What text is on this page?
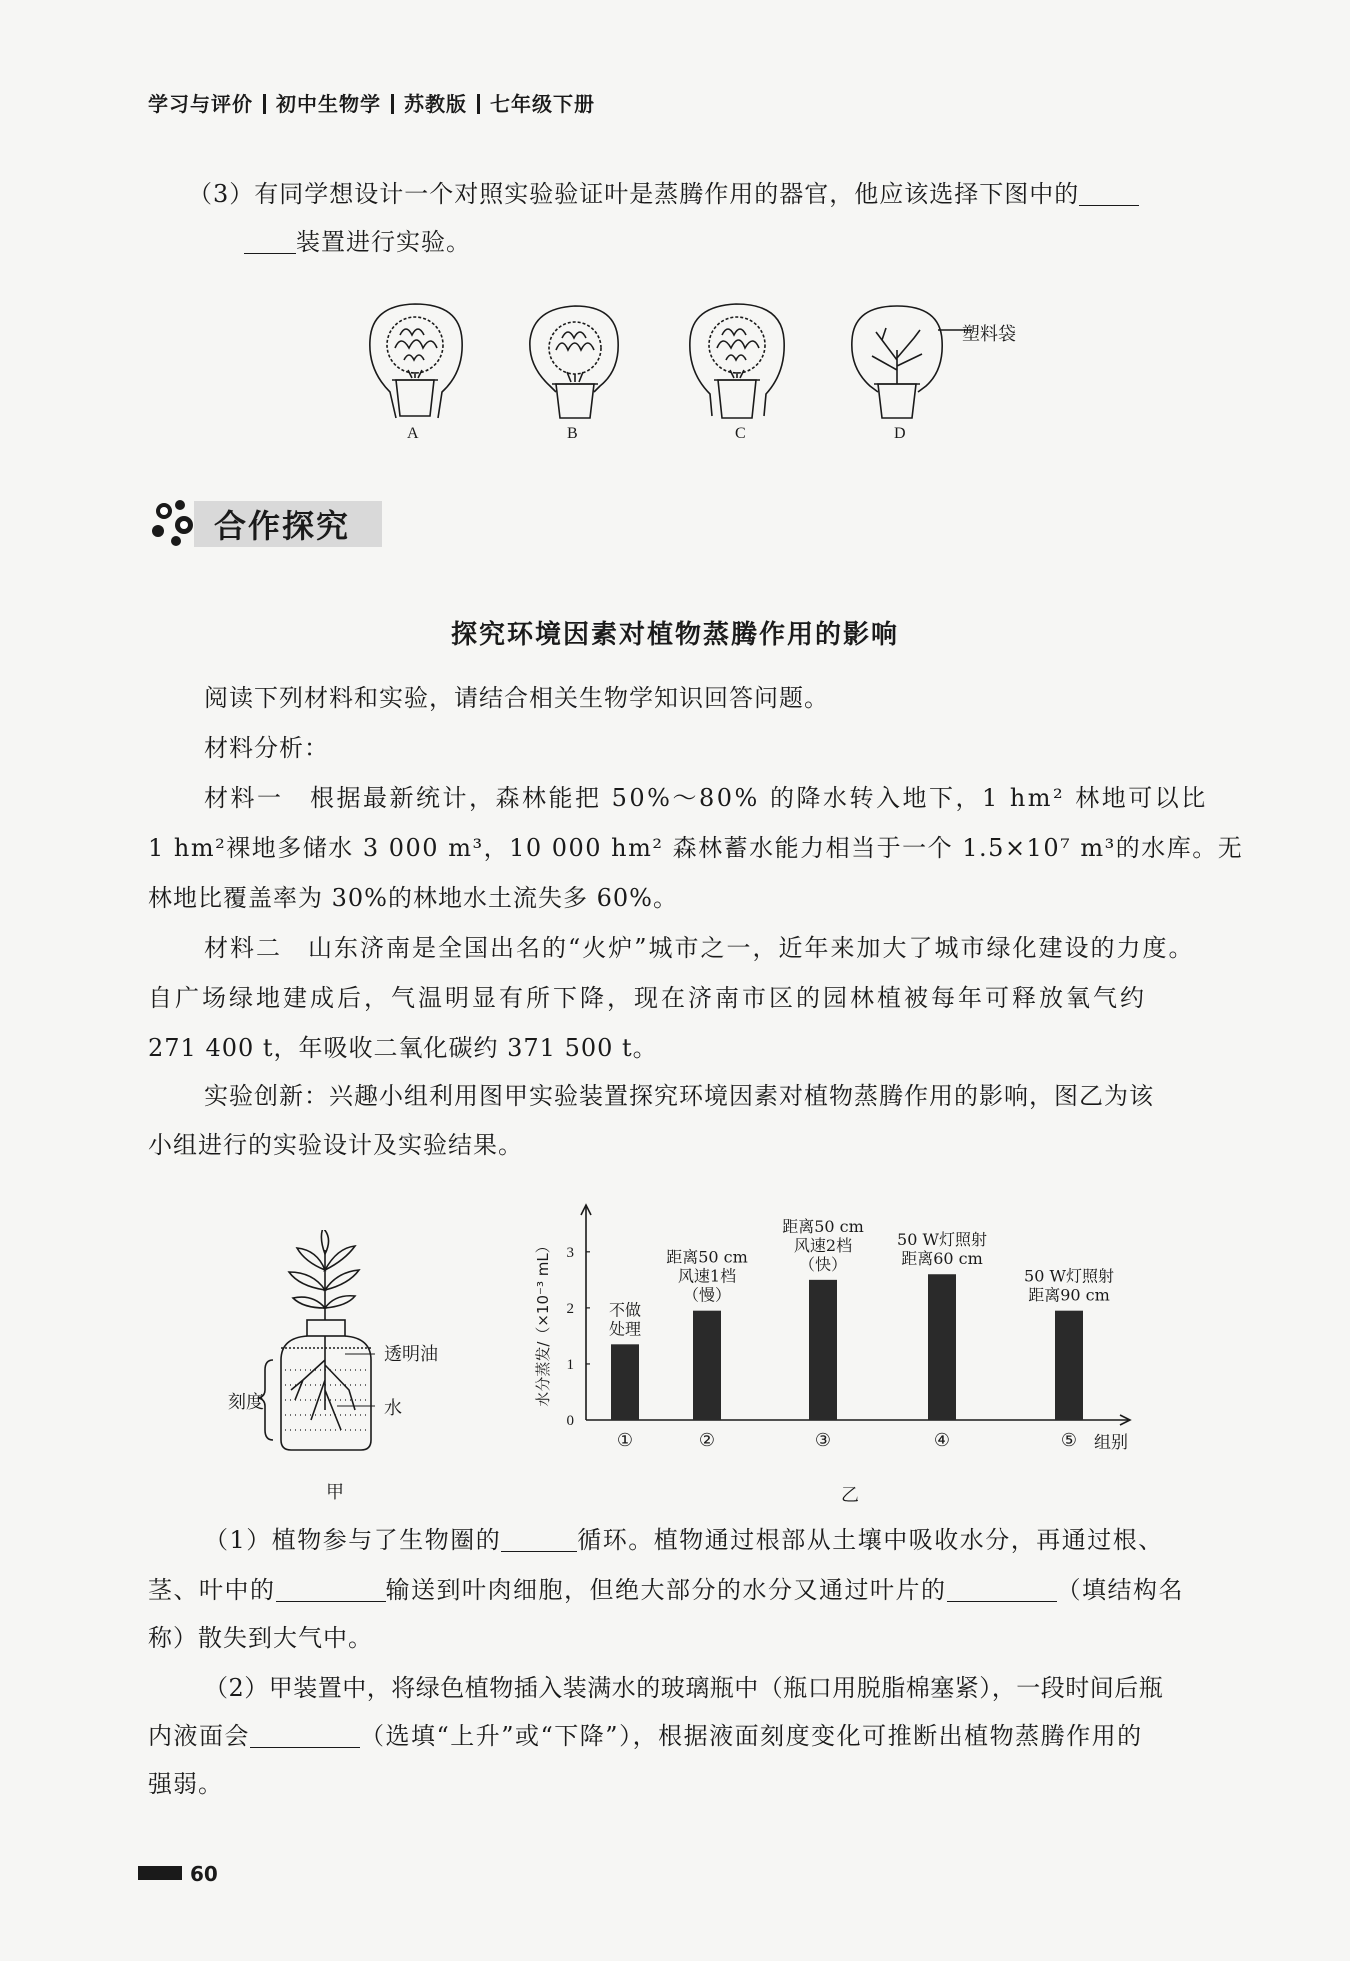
学习与评价 初中生物学 苏教版 七年级下册
（3）有同学想设计一个对照实验验证叶是蒸腾作用的器官，他应该选择下图中的
装置进行实验。
塑料袋
A	B	C	D
合作探究
探究环境因素对植物蒸腾作用的影响
阅读下列材料和实验，请结合相关生物学知识回答问题。
材料分析：
材料一　根据最新统计，森林能把 50%～80% 的降水转入地下，1 hm² 林地可以比
1 hm²裸地多储水 3 000 m³，10 000 hm² 森林蓄水能力相当于一个 1.5×10⁷ m³的水库。无
林地比覆盖率为 30%的林地水土流失多 60%。
材料二　山东济南是全国出名的“火炉”城市之一，近年来加大了城市绿化建设的力度。
自广场绿地建成后，气温明显有所下降，现在济南市区的园林植被每年可释放氧气约
271 400 t，年吸收二氧化碳约 371 500 t。
实验创新：兴趣小组利用图甲实验装置探究环境因素对植物蒸腾作用的影响，图乙为该
小组进行的实验设计及实验结果。
透明油
水
刻度
甲
0
1
2
3
水分蒸发/（×10⁻³ mL）
组别
①
不做
处理
②
距离50 cm
风速1档
（慢）
③
距离50 cm
风速2档
（快）
④
50 W灯照射
距离60 cm
⑤
50 W灯照射
距离90 cm
乙
（1）植物参与了生物圈的	循环。植物通过根部从土壤中吸收水分，再通过根、
茎、叶中的	输送到叶肉细胞，但绝大部分的水分又通过叶片的	（填结构名
称）散失到大气中。
（2）甲装置中，将绿色植物插入装满水的玻璃瓶中（瓶口用脱脂棉塞紧），一段时间后瓶
内液面会	（选填“上升”或“下降”），根据液面刻度变化可推断出植物蒸腾作用的
强弱。
60
